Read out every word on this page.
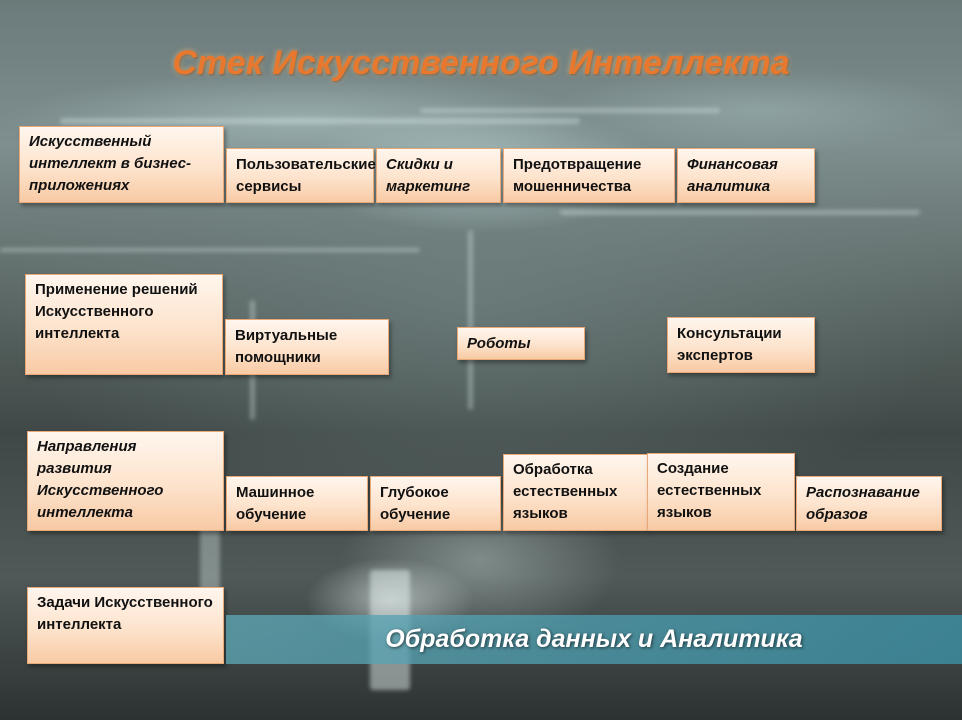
Стек Искусственного Интеллекта
Искусственный интеллект в бизнес-приложениях
Пользовательские сервисы
Скидки и маркетинг
Предотвращение мошенничества
Финансовая аналитика
Применение решений Искусственного интеллекта	Виртуальные помощники
Роботы
Консультации экспертов
Направления развития Искусственного интеллекта
Машинное обучение
Глубокое обучение
Обработка естественных языков
Создание естественных языков
Распознавание образов
Задачи Искусственного интеллекта
Обработка данных и Аналитика
